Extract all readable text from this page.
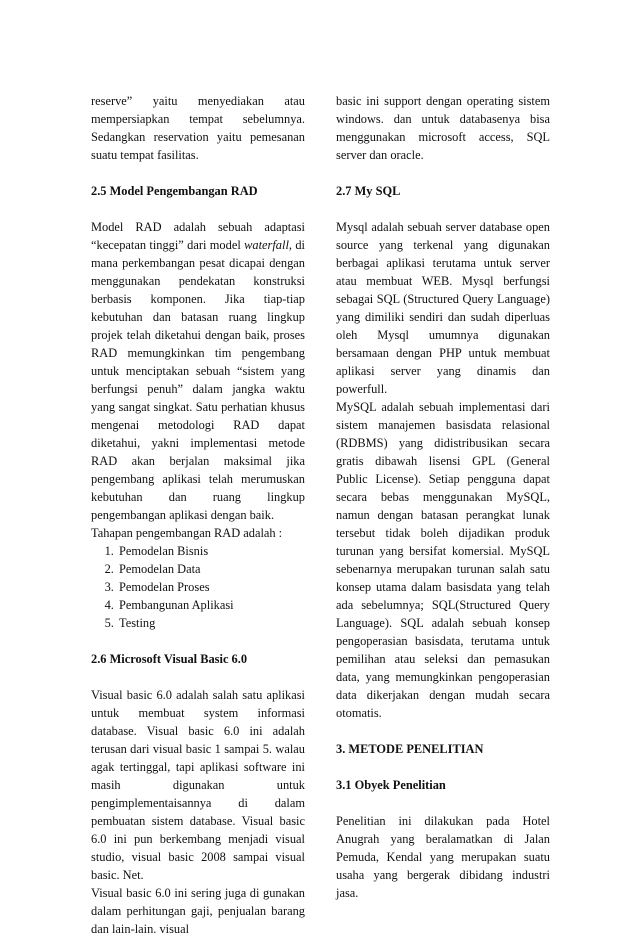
reserve” yaitu menyediakan atau mempersiapkan tempat sebelumnya. Sedangkan reservation yaitu pemesanan suatu tempat fasilitas.

2.5 Model Pengembangan RAD

Model RAD adalah sebuah adaptasi “kecepatan tinggi” dari model waterfall, di mana perkembangan pesat dicapai dengan menggunakan pendekatan konstruksi berbasis komponen. Jika tiap-tiap kebutuhan dan batasan ruang lingkup projek telah diketahui dengan baik, proses RAD memungkinkan tim pengembang untuk menciptakan sebuah “sistem yang berfungsi penuh” dalam jangka waktu yang sangat singkat. Satu perhatian khusus mengenai metodologi RAD dapat diketahui, yakni implementasi metode RAD akan berjalan maksimal jika pengembang aplikasi telah merumuskan kebutuhan dan ruang lingkup pengembangan aplikasi dengan baik.

Tahapan pengembangan RAD adalah :

1. Pemodelan Bisnis
2. Pemodelan Data
3. Pemodelan Proses
4. Pembangunan Aplikasi
5. Testing
2.6 Microsoft Visual Basic 6.0

Visual basic 6.0 adalah salah satu aplikasi untuk membuat system informasi database. Visual basic 6.0 ini adalah terusan dari visual basic 1 sampai 5. walau agak tertinggal, tapi aplikasi software ini masih digunakan untuk pengimplementaisannya di dalam pembuatan sistem database. Visual basic 6.0 ini pun berkembang menjadi visual studio, visual basic 2008 sampai visual basic. Net.

Visual basic 6.0 ini sering juga di gunakan dalam perhitungan gaji, penjualan barang dan lain-lain. visual

basic ini support dengan operating sistem windows. dan untuk databasenya bisa menggunakan microsoft access, SQL server dan oracle.

2.7 My SQL

Mysql adalah sebuah server database open source yang terkenal yang digunakan berbagai aplikasi terutama untuk server atau membuat WEB. Mysql berfungsi sebagai SQL (Structured Query Language) yang dimiliki sendiri dan sudah diperluas oleh Mysql umumnya digunakan bersamaan dengan PHP untuk membuat aplikasi server yang dinamis dan powerfull.

MySQL adalah sebuah implementasi dari sistem manajemen basisdata relasional (RDBMS) yang didistribusikan secara gratis dibawah lisensi GPL (General Public License). Setiap pengguna dapat secara bebas menggunakan MySQL, namun dengan batasan perangkat lunak tersebut tidak boleh dijadikan produk turunan yang bersifat komersial. MySQL sebenarnya merupakan turunan salah satu konsep utama dalam basisdata yang telah ada sebelumnya; SQL(Structured Query Language). SQL adalah sebuah konsep pengoperasian basisdata, terutama untuk pemilihan atau seleksi dan pemasukan data, yang memungkinkan pengoperasian data dikerjakan dengan mudah secara otomatis.

3. METODE PENELITIAN
3.1 Obyek Penelitian

Penelitian ini dilakukan pada Hotel Anugrah yang beralamatkan di Jalan Pemuda, Kendal yang merupakan suatu usaha yang bergerak dibidang industri jasa.
